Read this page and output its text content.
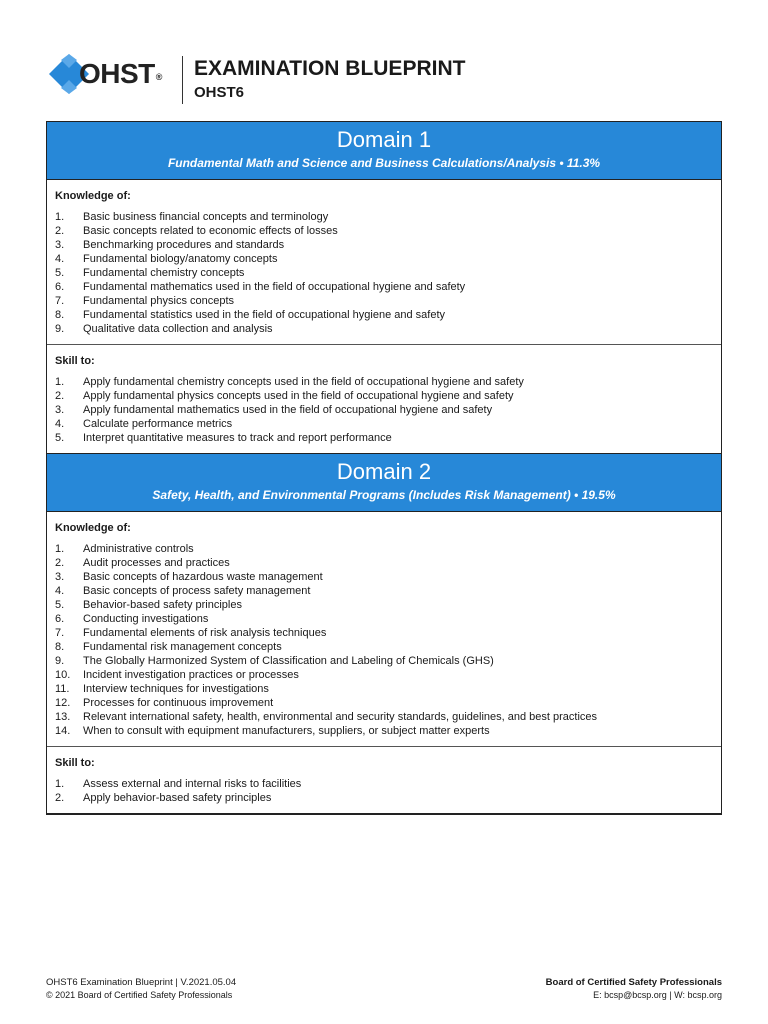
OHST® EXAMINATION BLUEPRINT
OHST6
Domain 1
Fundamental Math and Science and Business Calculations/Analysis • 11.3%
Knowledge of:
1. Basic business financial concepts and terminology
2. Basic concepts related to economic effects of losses
3. Benchmarking procedures and standards
4. Fundamental biology/anatomy concepts
5. Fundamental chemistry concepts
6. Fundamental mathematics used in the field of occupational hygiene and safety
7. Fundamental physics concepts
8. Fundamental statistics used in the field of occupational hygiene and safety
9. Qualitative data collection and analysis
Skill to:
1. Apply fundamental chemistry concepts used in the field of occupational hygiene and safety
2. Apply fundamental physics concepts used in the field of occupational hygiene and safety
3. Apply fundamental mathematics used in the field of occupational hygiene and safety
4. Calculate performance metrics
5. Interpret quantitative measures to track and report performance
Domain 2
Safety, Health, and Environmental Programs (Includes Risk Management) • 19.5%
Knowledge of:
1. Administrative controls
2. Audit processes and practices
3. Basic concepts of hazardous waste management
4. Basic concepts of process safety management
5. Behavior-based safety principles
6. Conducting investigations
7. Fundamental elements of risk analysis techniques
8. Fundamental risk management concepts
9. The Globally Harmonized System of Classification and Labeling of Chemicals (GHS)
10. Incident investigation practices or processes
11. Interview techniques for investigations
12. Processes for continuous improvement
13. Relevant international safety, health, environmental and security standards, guidelines, and best practices
14. When to consult with equipment manufacturers, suppliers, or subject matter experts
Skill to:
1. Assess external and internal risks to facilities
2. Apply behavior-based safety principles
OHST6 Examination Blueprint | V.2021.05.04
© 2021 Board of Certified Safety Professionals
Board of Certified Safety Professionals
E: bcsp@bcsp.org | W: bcsp.org
